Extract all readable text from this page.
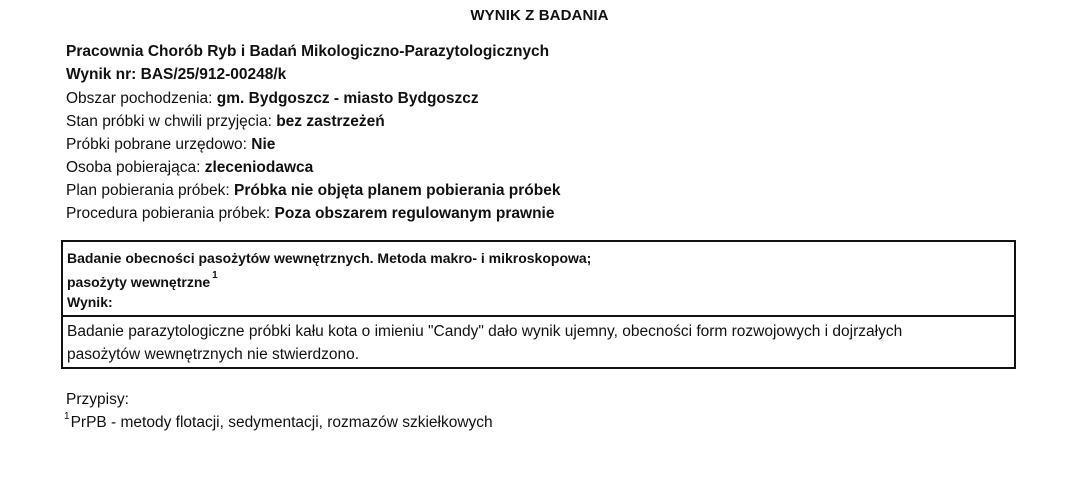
WYNIK Z BADANIA
Pracownia Chorób Ryb i Badań Mikologiczno-Parazytologicznych
Wynik nr: BAS/25/912-00248/k
Obszar pochodzenia: gm. Bydgoszcz - miasto Bydgoszcz
Stan próbki w chwili przyjęcia: bez zastrzeżeń
Próbki pobrane urzędowo: Nie
Osoba pobierająca: zleceniodawca
Plan pobierania próbek: Próbka nie objęta planem pobierania próbek
Procedura pobierania próbek: Poza obszarem regulowanym prawnie
Badanie obecności pasożytów wewnętrznych. Metoda makro- i mikroskopowa;
pasożyty wewnętrzne $^1$
Wynik:
Badanie parazytologiczne próbki kału kota o imieniu "Candy" dało wynik ujemny, obecności form rozwojowych i dojrzałych
pasożytów wewnętrznych nie stwierdzono.
Przypisy:
$^1$PrPB - metody flotacji, sedymentacji, rozmazów szkiełkowych
